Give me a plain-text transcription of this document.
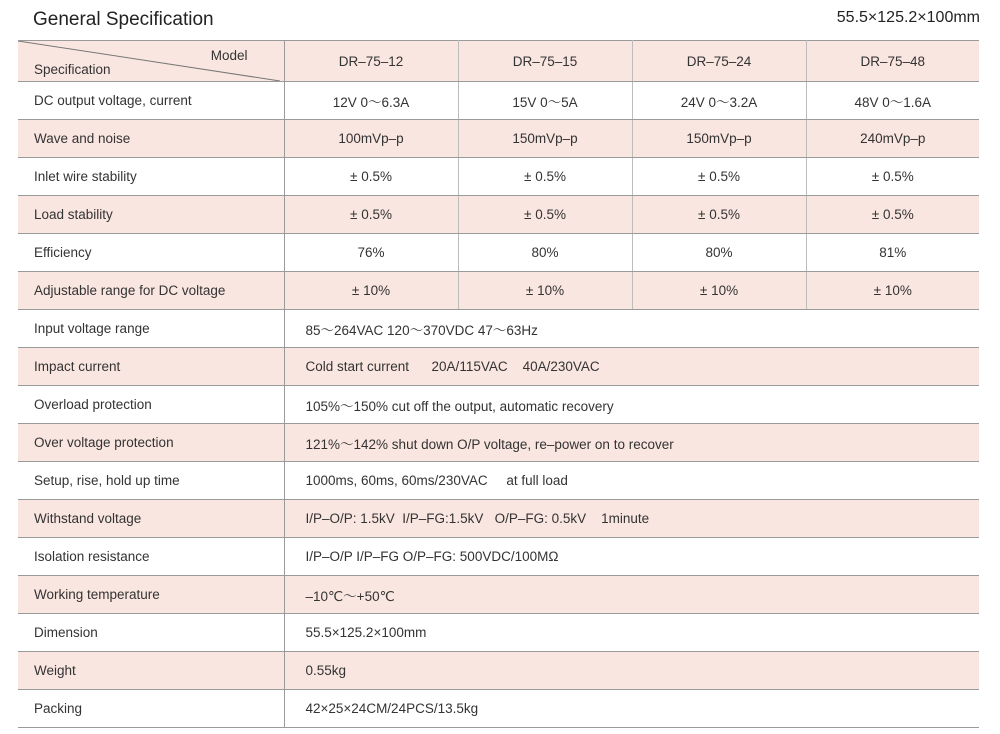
General Specification	55.5×125.2×100mm
Model
Specification	DR–75–12	DR–75–15	DR–75–24	DR–75–48
DC output voltage, current	12V 0～6.3A	15V 0～5A	24V 0～3.2A	48V 0～1.6A
Wave and noise	100mVp–p	150mVp–p	150mVp–p	240mVp–p
Inlet wire stability	± 0.5%	± 0.5%	± 0.5%	± 0.5%
Load stability	± 0.5%	± 0.5%	± 0.5%	± 0.5%
Efficiency	76%	80%	80%	81%
Adjustable range for DC voltage	± 10%	± 10%	± 10%	± 10%
Input voltage range	85～264VAC 120～370VDC 47～63Hz			
Impact current	Cold start current      20A/115VAC    40A/230VAC			
Overload protection	105%～150% cut off the output, automatic recovery			
Over voltage protection	121%～142% shut down O/P voltage, re–power on to recover			
Setup, rise, hold up time	1000ms, 60ms, 60ms/230VAC     at full load			
Withstand voltage	I/P–O/P: 1.5kV  I/P–FG:1.5kV   O/P–FG: 0.5kV    1minute			
Isolation resistance	I/P–O/P I/P–FG O/P–FG: 500VDC/100MΩ			
Working temperature	–10℃～+50℃			
Dimension	55.5×125.2×100mm			
Weight	0.55kg			
Packing	42×25×24CM/24PCS/13.5kg			
